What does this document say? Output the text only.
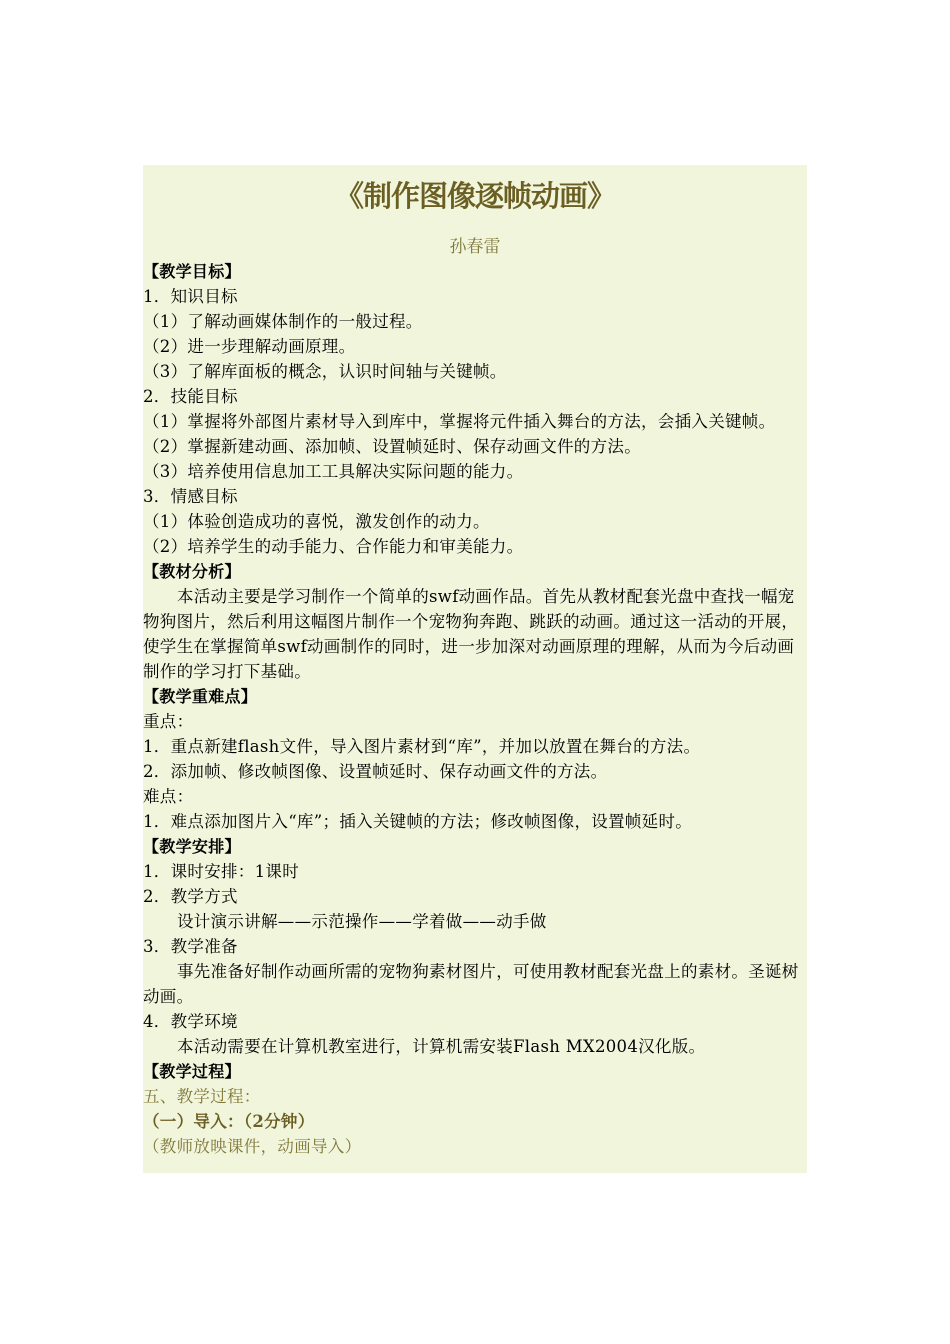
《制作图像逐帧动画》
孙春雷
【教学目标】
1．知识目标
（1）了解动画媒体制作的一般过程。
（2）进一步理解动画原理。
（3）了解库面板的概念，认识时间轴与关键帧。
2．技能目标
（1）掌握将外部图片素材导入到库中，掌握将元件插入舞台的方法，会插入关键帧。
（2）掌握新建动画、添加帧、设置帧延时、保存动画文件的方法。
（3）培养使用信息加工工具解决实际问题的能力。
3．情感目标
（1）体验创造成功的喜悦，激发创作的动力。
（2）培养学生的动手能力、合作能力和审美能力。
【教材分析】
本活动主要是学习制作一个简单的swf动画作品。首先从教材配套光盘中查找一幅宠物狗图片，然后利用这幅图片制作一个宠物狗奔跑、跳跃的动画。通过这一活动的开展，使学生在掌握简单swf动画制作的同时，进一步加深对动画原理的理解，从而为今后动画制作的学习打下基础。
【教学重难点】
重点：
1．重点新建flash文件，导入图片素材到“库”，并加以放置在舞台的方法。
2．添加帧、修改帧图像、设置帧延时、保存动画文件的方法。
难点：
1．难点添加图片入“库”；插入关键帧的方法；修改帧图像，设置帧延时。
【教学安排】
1．课时安排：1课时
2．教学方式
设计演示讲解——示范操作——学着做——动手做
3．教学准备
事先准备好制作动画所需的宠物狗素材图片，可使用教材配套光盘上的素材。圣诞树动画。
4．教学环境
本活动需要在计算机教室进行，计算机需安装Flash MX2004汉化版。
【教学过程】
五、教学过程：
（一）导入：（2分钟）
（教师放映课件，动画导入）
